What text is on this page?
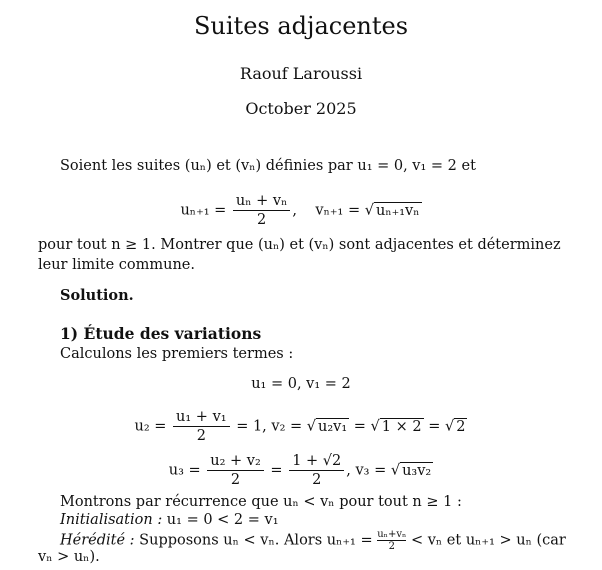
Suites adjacentes
Raouf Laroussi
October 2025
Soient les suites (uₙ) et (vₙ) définies par u₁ = 0, v₁ = 2 et
$u_{n+1} = \frac{\text{uₙ + vₙ}}{2}$ , vₙ₊₁ = √ uₙ₊₁vₙ
pour tout n ≥ 1. Montrer que (uₙ) et (vₙ) sont adjacentes et déterminez leur limite commune.
Solution.
1) Étude des variations
Calculons les premiers termes :
u₁ = 0, v₁ = 2
$u_2 = \frac{\text{u₁ + v₁}}{2} = 1$, v₂ = √ u₂v₁ = √ 1 × 2 = √ 2
$u_3 = \frac{\text{u₂ + v₂}}{2} = \frac{1 + √2}{2}$ , v₃ = √ u₃v₂
Montrons par récurrence que uₙ < vₙ pour tout n ≥ 1 :
Initialisation : u₁ = 0 < 2 = v₁
Hérédité : Supposons uₙ < vₙ. Alors $u_{n+1} = \frac{\text{uₙ+vₙ}}{2} < v_n$ et uₙ₊₁ > uₙ (car
vₙ > uₙ).
